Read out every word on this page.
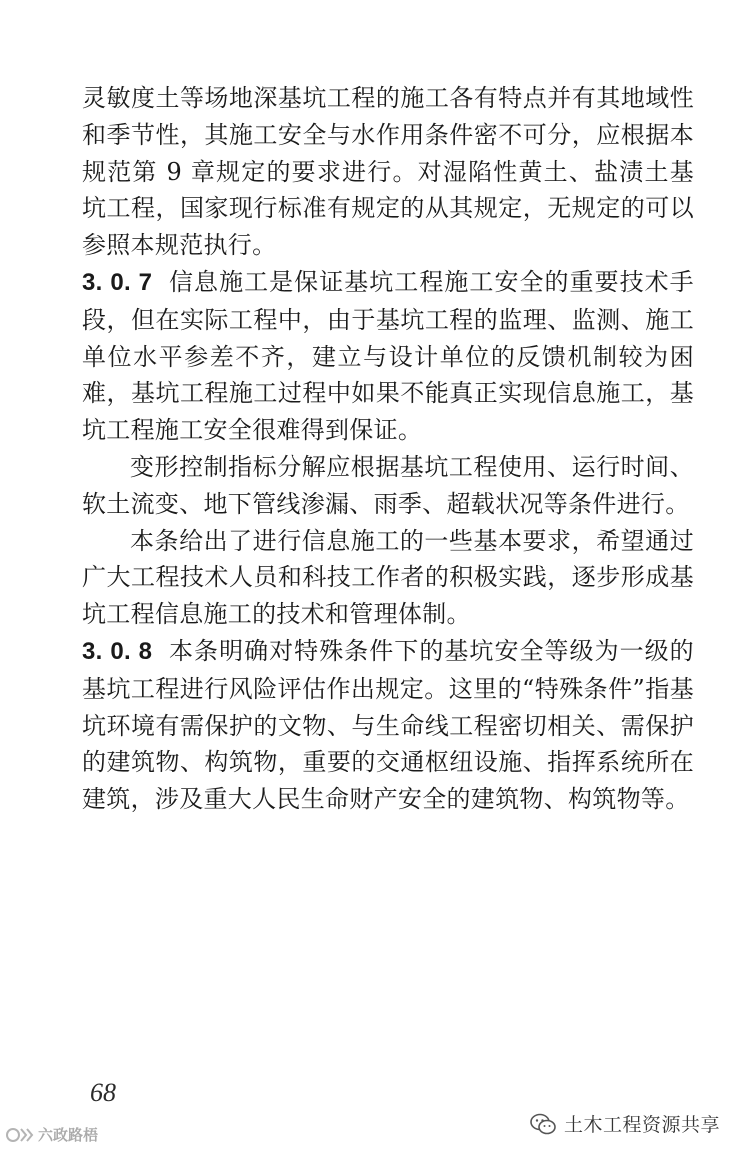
灵敏度土等场地深基坑工程的施工各有特点并有其地域性和季节性，其施工安全与水作用条件密不可分，应根据本规范第 9 章规定的要求进行。对湿陷性黄土、盐渍土基坑工程，国家现行标准有规定的从其规定，无规定的可以参照本规范执行。

3. 0. 7 信息施工是保证基坑工程施工安全的重要技术手段，但在实际工程中，由于基坑工程的监理、监测、施工单位水平参差不齐，建立与设计单位的反馈机制较为困难，基坑工程施工过程中如果不能真正实现信息施工，基坑工程施工安全很难得到保证。

变形控制指标分解应根据基坑工程使用、运行时间、软土流变、地下管线渗漏、雨季、超载状况等条件进行。

本条给出了进行信息施工的一些基本要求，希望通过广大工程技术人员和科技工作者的积极实践，逐步形成基坑工程信息施工的技术和管理体制。

3. 0. 8 本条明确对特殊条件下的基坑安全等级为一级的基坑工程进行风险评估作出规定。这里的“特殊条件”指基坑环境有需保护的文物、与生命线工程密切相关、需保护的建筑物、构筑物，重要的交通枢纽设施、指挥系统所在建筑，涉及重大人民生命财产安全的建筑物、构筑物等。

68
六政路梧	土木工程资源共享
